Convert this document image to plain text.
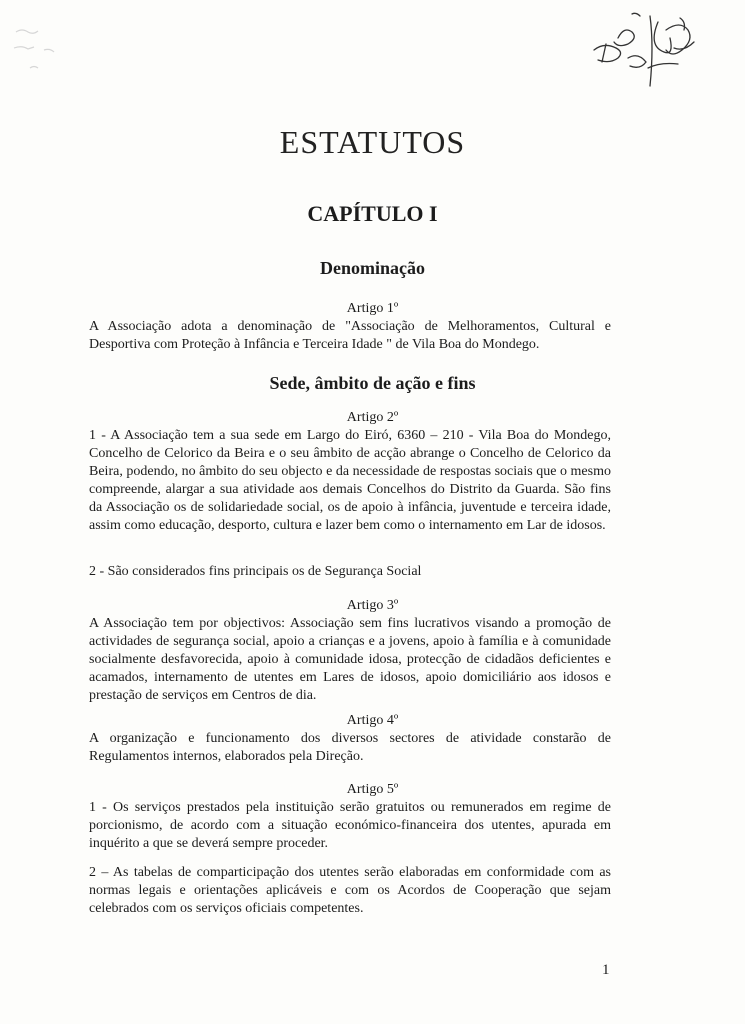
ESTATUTOS
CAPÍTULO I
Denominação
Artigo 1º
A Associação adota a denominação de "Associação de Melhoramentos, Cultural e Desportiva com Proteção à Infância e Terceira Idade " de Vila Boa do Mondego.
Sede, âmbito de ação e fins
Artigo 2º
1 - A Associação tem a sua sede em Largo do Eiró, 6360 – 210 - Vila Boa do Mondego, Concelho de Celorico da Beira e o seu âmbito de acção abrange o Concelho de Celorico da Beira, podendo, no âmbito do seu objecto e da necessidade de respostas sociais que o mesmo compreende, alargar a sua atividade aos demais Concelhos do Distrito da Guarda. São fins da Associação os de solidariedade social, os de apoio à infância, juventude e terceira idade, assim como educação, desporto, cultura e lazer bem como o internamento em Lar de idosos.
2 - São considerados fins principais os de Segurança Social
Artigo 3º
A Associação tem por objectivos: Associação sem fins lucrativos visando a promoção de actividades de segurança social, apoio a crianças e a jovens, apoio à família e à comunidade socialmente desfavorecida, apoio à comunidade idosa, protecção de cidadãos deficientes e acamados, internamento de utentes em Lares de idosos, apoio domiciliário aos idosos e prestação de serviços em Centros de dia.
Artigo 4º
A organização e funcionamento dos diversos sectores de atividade constarão de Regulamentos internos, elaborados pela Direção.
Artigo 5º
1 - Os serviços prestados pela instituição serão gratuitos ou remunerados em regime de porcionismo, de acordo com a situação económico-financeira dos utentes, apurada em inquérito a que se deverá sempre proceder.
2 – As tabelas de comparticipação dos utentes serão elaboradas em conformidade com as normas legais e orientações aplicáveis e com os Acordos de Cooperação que sejam celebrados com os serviços oficiais competentes.
1
